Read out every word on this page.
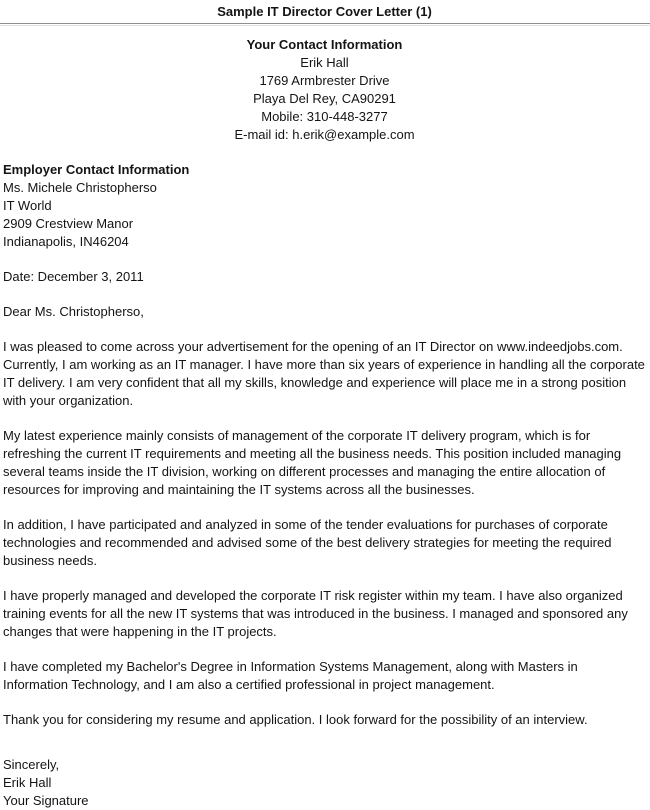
Sample IT Director Cover Letter (1)
Your Contact Information
Erik Hall
1769 Armbrester Drive
Playa Del Rey, CA90291
Mobile: 310-448-3277
E-mail id: h.erik@example.com
Employer Contact Information
Ms. Michele Christopherso
IT World
2909 Crestview Manor
Indianapolis, IN46204

Date: December 3, 2011

Dear Ms. Christopherso,

I was pleased to come across your advertisement for the opening of an IT Director on www.indeedjobs.com. Currently, I am working as an IT manager. I have more than six years of experience in handling all the corporate IT delivery. I am very confident that all my skills, knowledge and experience will place me in a strong position with your organization.

My latest experience mainly consists of management of the corporate IT delivery program, which is for refreshing the current IT requirements and meeting all the business needs. This position included managing several teams inside the IT division, working on different processes and managing the entire allocation of resources for improving and maintaining the IT systems across all the businesses.

In addition, I have participated and analyzed in some of the tender evaluations for purchases of corporate technologies and recommended and advised some of the best delivery strategies for meeting the required business needs.

I have properly managed and developed the corporate IT risk register within my team. I have also organized training events for all the new IT systems that was introduced in the business. I managed and sponsored any changes that were happening in the IT projects.

I have completed my Bachelor's Degree in Information Systems Management, along with Masters in Information Technology, and I am also a certified professional in project management.

Thank you for considering my resume and application. I look forward for the possibility of an interview.

Sincerely,
Erik Hall
Your Signature
